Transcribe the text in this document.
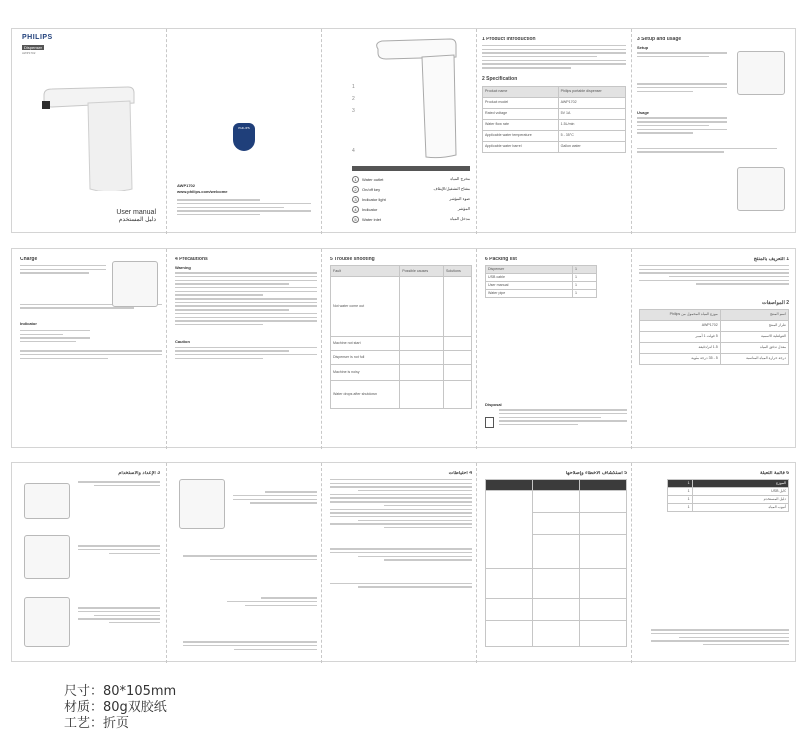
PHILIPS
Dispenser
AWP1702
User manual
دليل المستخدم
PHILIPS
AWP1702
www.philips.com/welcome
1
2
3
4
1 Water outlet	مخرج المياه
2 On/off key	مفتاح التشغيل/الإيقاف
3 Indicator light	ضوء المؤشر
4 Indicator	المؤشر
5 Water inlet	مدخل المياه
1 Product introduction
2 Specification
Product name	Philips portable dispenser
Product model	AWP1702
Rated voltage	5V 1A
Water flow rate	1.5L/min
Applicable water temperature	5 - 35°C
Applicable water barrel	Gallon water
3 Setup and usage
Setup
Usage
Charge
Indicator
4 Precautions
Warning
Caution
5 Trouble shooting
Fault	Possible causes	Solutions
Not water come out		
Machine not start		
Dispenser is not full		
Machine is noisy		
Water drops after shutdown		
6 Packing list
Dispenser	1
USB cable	1
User manual	1
Water pipe	1
Disposal
1 التعريف بالمنتج
2 المواصفات
اسم المنتج	موزع المياه المحمول من Philips
طراز المنتج	AWP1702
الفولطية الاسمية	5 فولت 1 أمبير
معدل تدفق المياه	1.5 لتر/دقيقة
درجة حرارة المياه المناسبة	5 - 35 درجة مئوية
3 الإعداد والاستخدام	4 احتياطات	5 استكشاف الأخطاء وإصلاحها

			6 قائمة التعبئة
الموزع	1
كابل USB	1
دليل المستخدم	1
أنبوب المياه	1
尺寸：80*105mm
材质：80g双胶纸
工艺：折页
